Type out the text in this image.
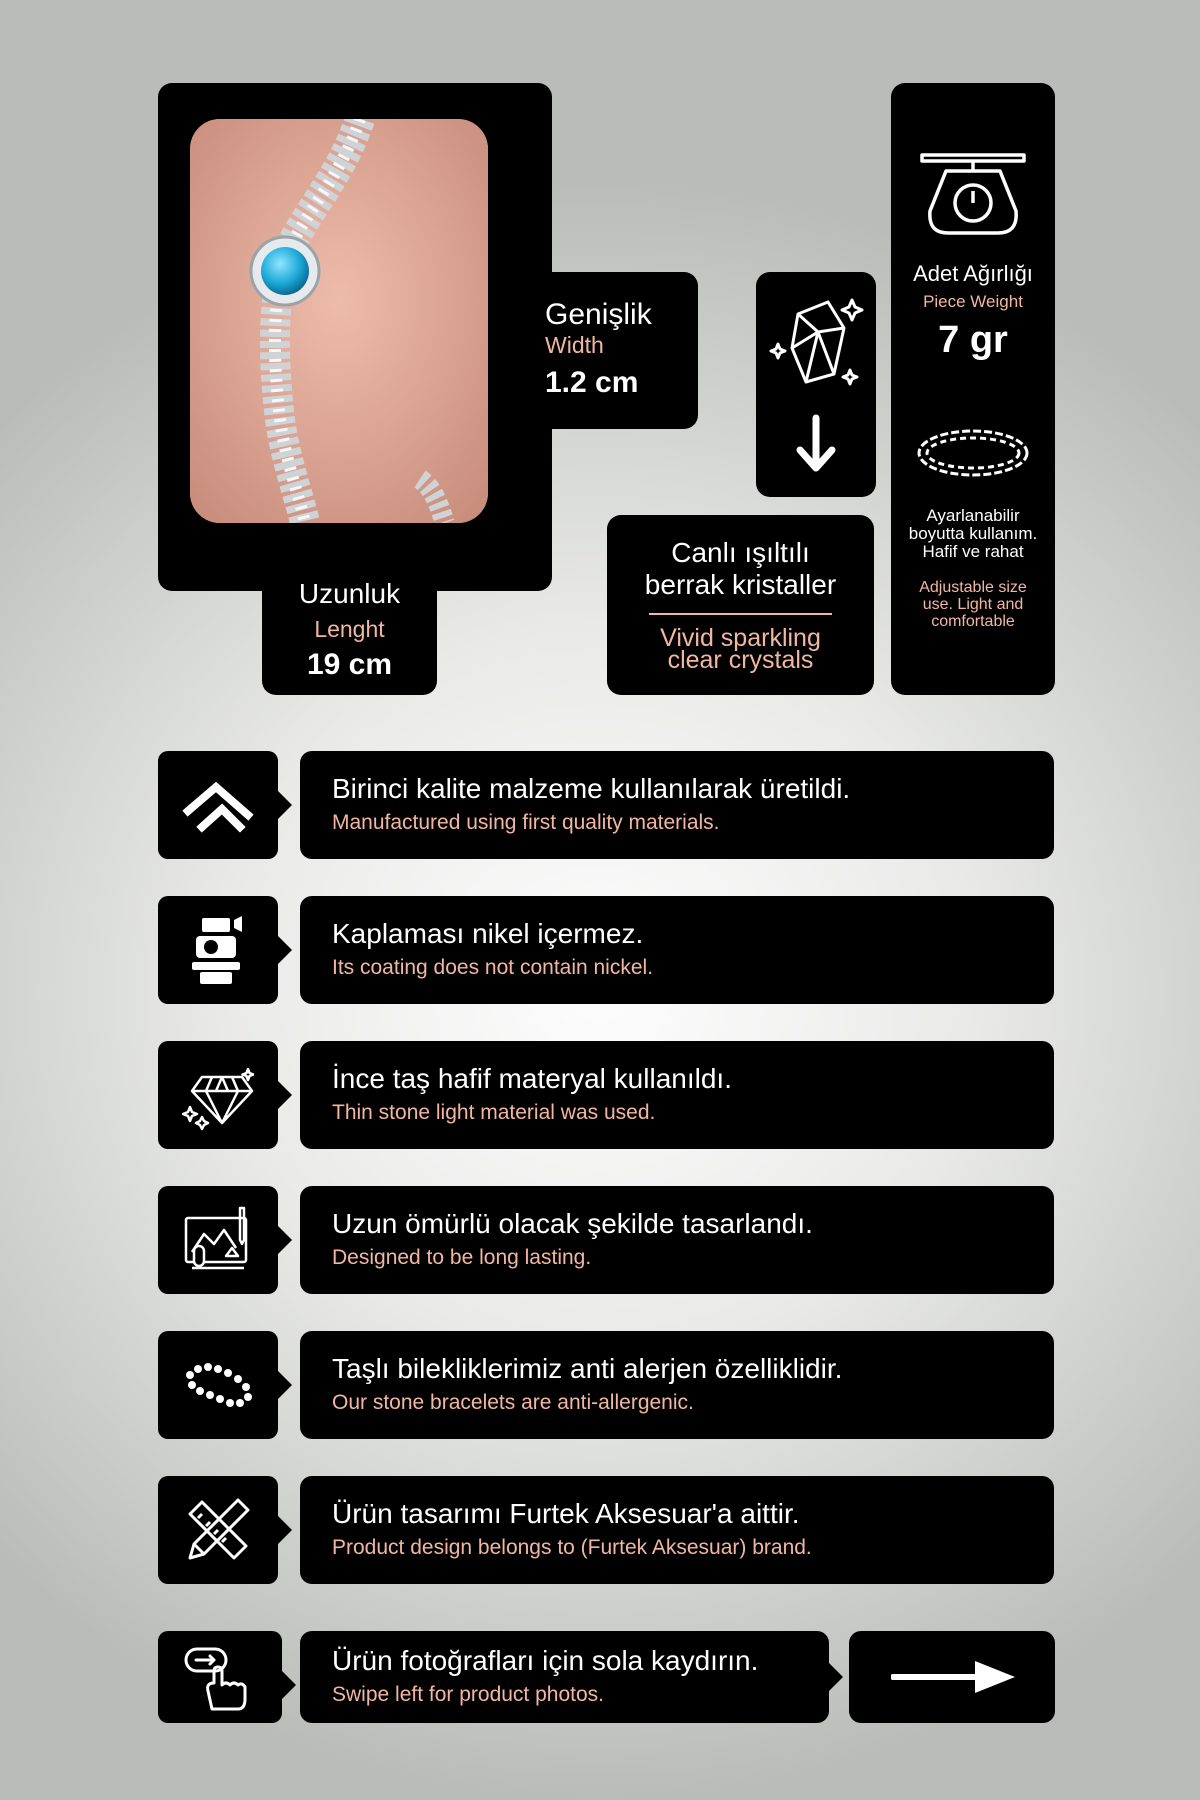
Uzunluk
Lenght
19 cm
Genişlik
Width
1.2 cm
Canlı ışıltılı
berrak kristaller
Vivid sparkling
clear crystals
Adet Ağırlığı
Piece Weight
7 gr
Ayarlanabilir
boyutta kullanım.
Hafif ve rahat
Adjustable size
use. Light and
comfortable
Birinci kalite malzeme kullanılarak üretildi.
Manufactured using first quality materials.
Kaplaması nikel içermez.
Its coating does not contain nickel.
İnce taş hafif materyal kullanıldı.
Thin stone light material was used.
Uzun ömürlü olacak şekilde tasarlandı.
Designed to be long lasting.
Taşlı bilekliklerimiz anti alerjen özelliklidir.
Our stone bracelets are anti-allergenic.
Ürün tasarımı Furtek Aksesuar'a aittir.
Product design belongs to (Furtek Aksesuar) brand.
Ürün fotoğrafları için sola kaydırın.
Swipe left for product photos.
